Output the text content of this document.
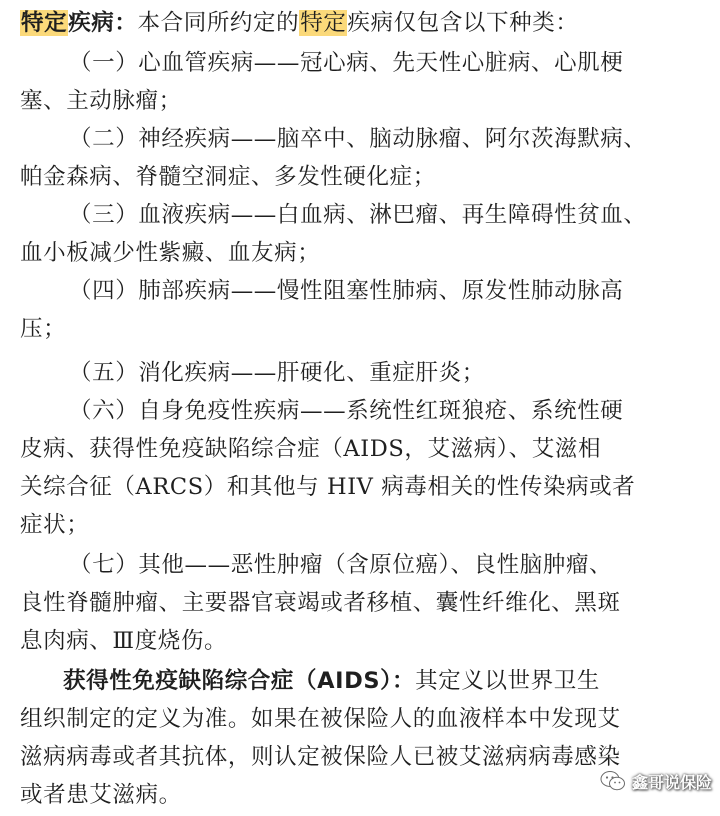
特定疾病：本合同所约定的特定疾病仅包含以下种类：
（一）心血管疾病——冠心病、先天性心脏病、心肌梗
塞、主动脉瘤；
（二）神经疾病——脑卒中、脑动脉瘤、阿尔茨海默病、
帕金森病、脊髓空洞症、多发性硬化症；
（三）血液疾病——白血病、淋巴瘤、再生障碍性贫血、
血小板减少性紫癜、血友病；
（四）肺部疾病——慢性阻塞性肺病、原发性肺动脉高
压；
（五）消化疾病——肝硬化、重症肝炎；
（六）自身免疫性疾病——系统性红斑狼疮、系统性硬
皮病、获得性免疫缺陷综合症（AIDS，艾滋病）、艾滋相
关综合征（ARCS）和其他与 HIV 病毒相关的性传染病或者
症状；
（七）其他——恶性肿瘤（含原位癌）、良性脑肿瘤、
良性脊髓肿瘤、主要器官衰竭或者移植、囊性纤维化、黑斑
息肉病、Ⅲ度烧伤。
获得性免疫缺陷综合症（AIDS）：其定义以世界卫生
组织制定的定义为准。如果在被保险人的血液样本中发现艾
滋病病毒或者其抗体，则认定被保险人已被艾滋病病毒感染
或者患艾滋病。	鑫哥说保险
